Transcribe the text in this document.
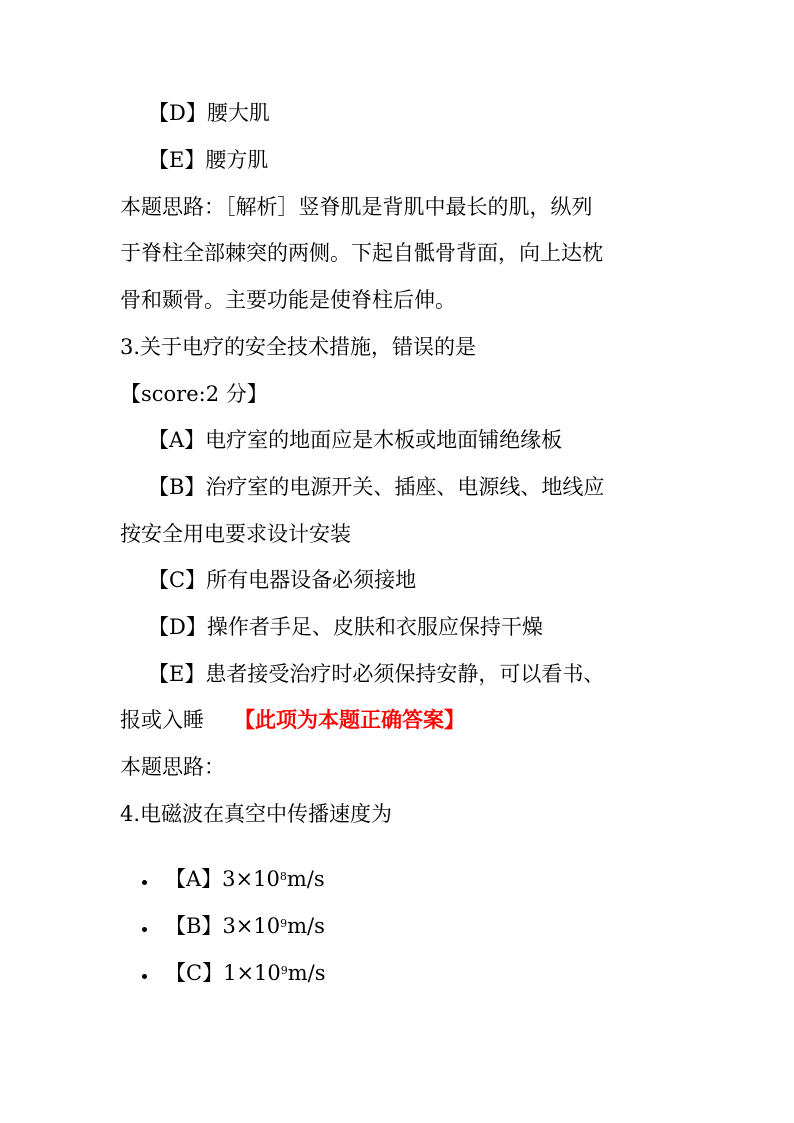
【D】腰大肌
【E】腰方肌
本题思路：［解析］竖脊肌是背肌中最长的肌，纵列
于脊柱全部棘突的两侧。下起自骶骨背面，向上达枕
骨和颞骨。主要功能是使脊柱后伸。
3.关于电疗的安全技术措施，错误的是
【score:2 分】
【A】电疗室的地面应是木板或地面铺绝缘板
【B】治疗室的电源开关、插座、电源线、地线应
按安全用电要求设计安装
【C】所有电器设备必须接地
【D】操作者手足、皮肤和衣服应保持干燥
【E】患者接受治疗时必须保持安静，可以看书、
报或入睡 【此项为本题正确答案】
本题思路：
4.电磁波在真空中传播速度为
【A】$3\times 10^8m/s$
【B】$3\times 10^9m/s$
【C】$1\times 10^9m/s$
